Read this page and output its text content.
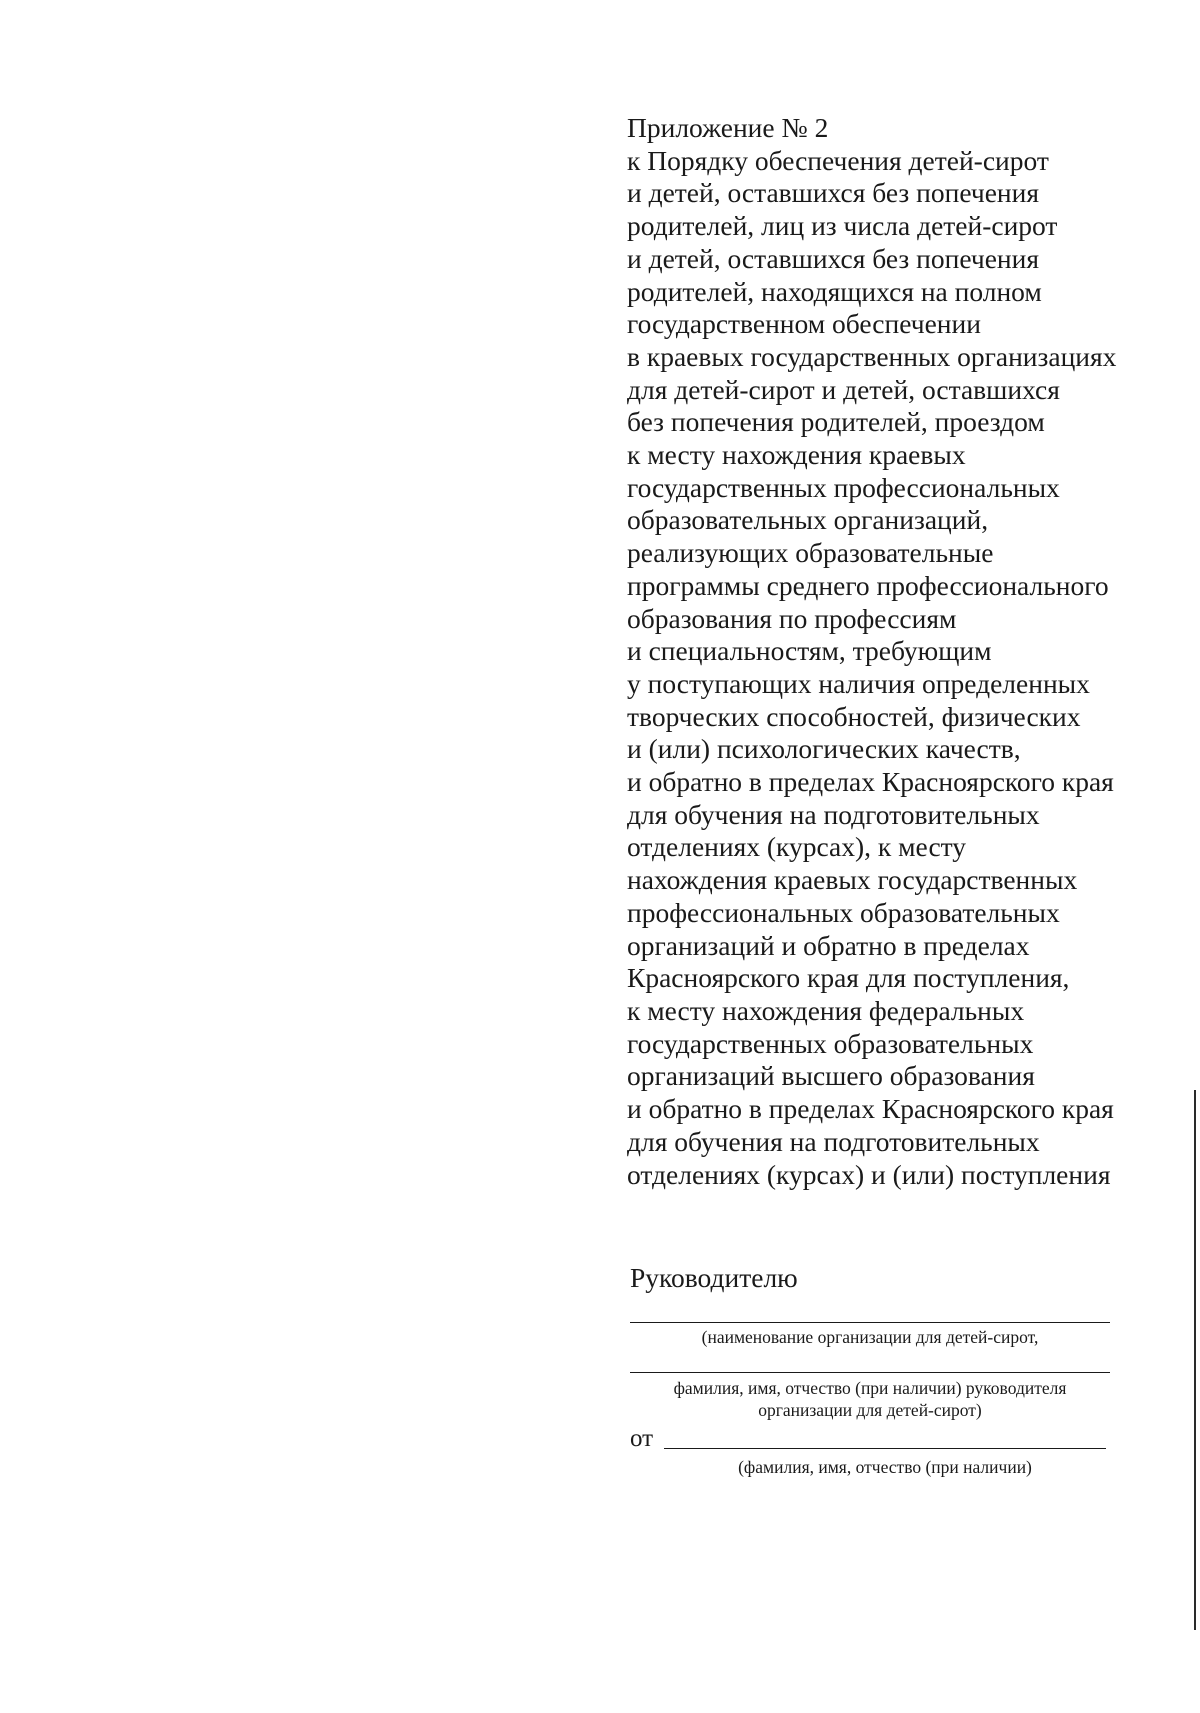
Приложение № 2
к Порядку обеспечения детей-сирот
и детей, оставшихся без попечения
родителей, лиц из числа детей-сирот
и детей, оставшихся без попечения
родителей, находящихся на полном
государственном обеспечении
в краевых государственных организациях
для детей-сирот и детей, оставшихся
без попечения родителей, проездом
к месту нахождения краевых
государственных профессиональных
образовательных организаций,
реализующих образовательные
программы среднего профессионального
образования по профессиям
и специальностям, требующим
у поступающих наличия определенных
творческих способностей, физических
и (или) психологических качеств,
и обратно в пределах Красноярского края
для обучения на подготовительных
отделениях (курсах), к месту
нахождения краевых государственных
профессиональных образовательных
организаций и обратно в пределах
Красноярского края для поступления,
к месту нахождения федеральных
государственных образовательных
организаций высшего образования
и обратно в пределах Красноярского края
для обучения на подготовительных
отделениях (курсах) и (или) поступления
Руководителю
(наименование организации для детей-сирот,
фамилия, имя, отчество (при наличии) руководителя
организации для детей-сирот)
от
(фамилия, имя, отчество (при наличии)
